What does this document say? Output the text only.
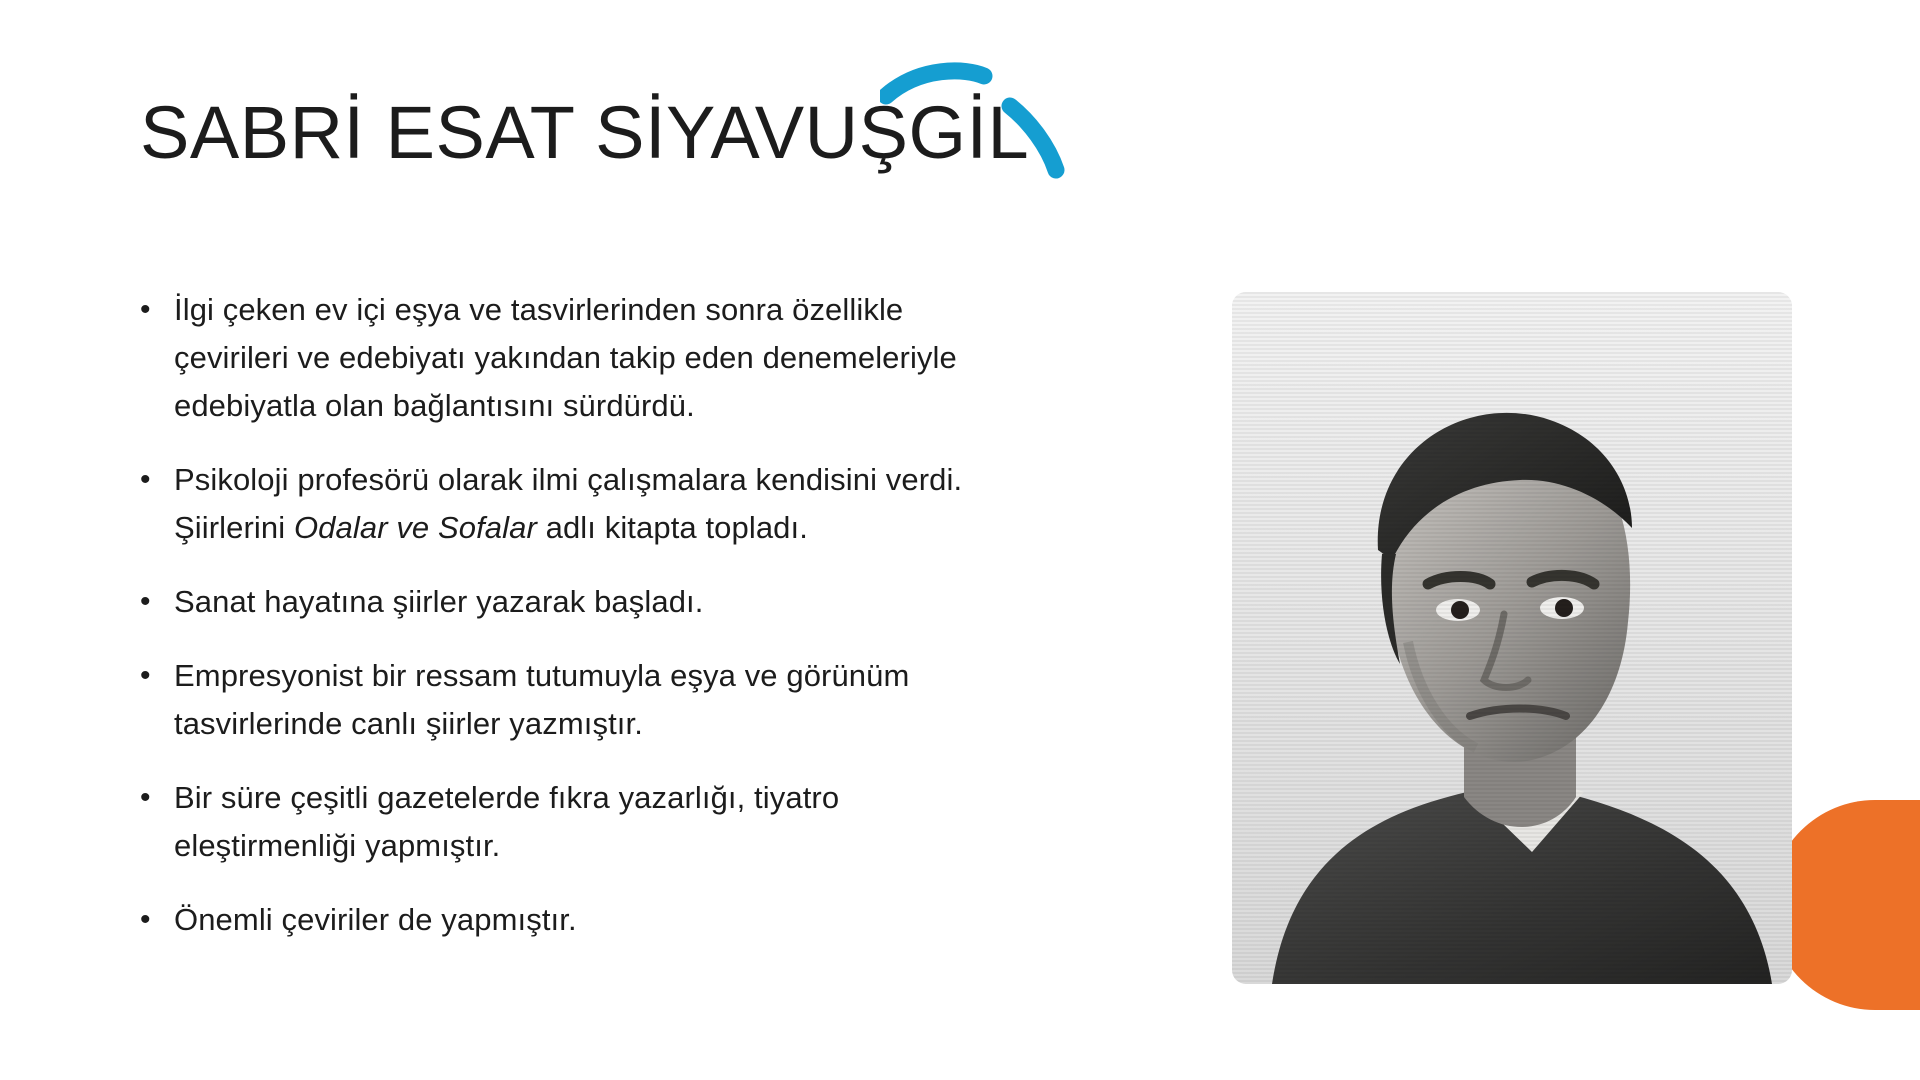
SABRİ ESAT SİYAVUŞGİL
• İlgi çeken ev içi eşya ve tasvirlerinden sonra özellikle çevirileri ve edebiyatı yakından takip eden denemeleriyle edebiyatla olan bağlantısını sürdürdü.
• Psikoloji profesörü olarak ilmi çalışmalara kendisini verdi. Şiirlerini Odalar ve Sofalar adlı kitapta topladı.
• Sanat hayatına şiirler yazarak başladı.
• Empresyonist bir ressam tutumuyla eşya ve görünüm tasvirlerinde canlı şiirler yazmıştır.
• Bir süre çeşitli gazetelerde fıkra yazarlığı, tiyatro eleştirmenliği yapmıştır.
• Önemli çeviriler de yapmıştır.
